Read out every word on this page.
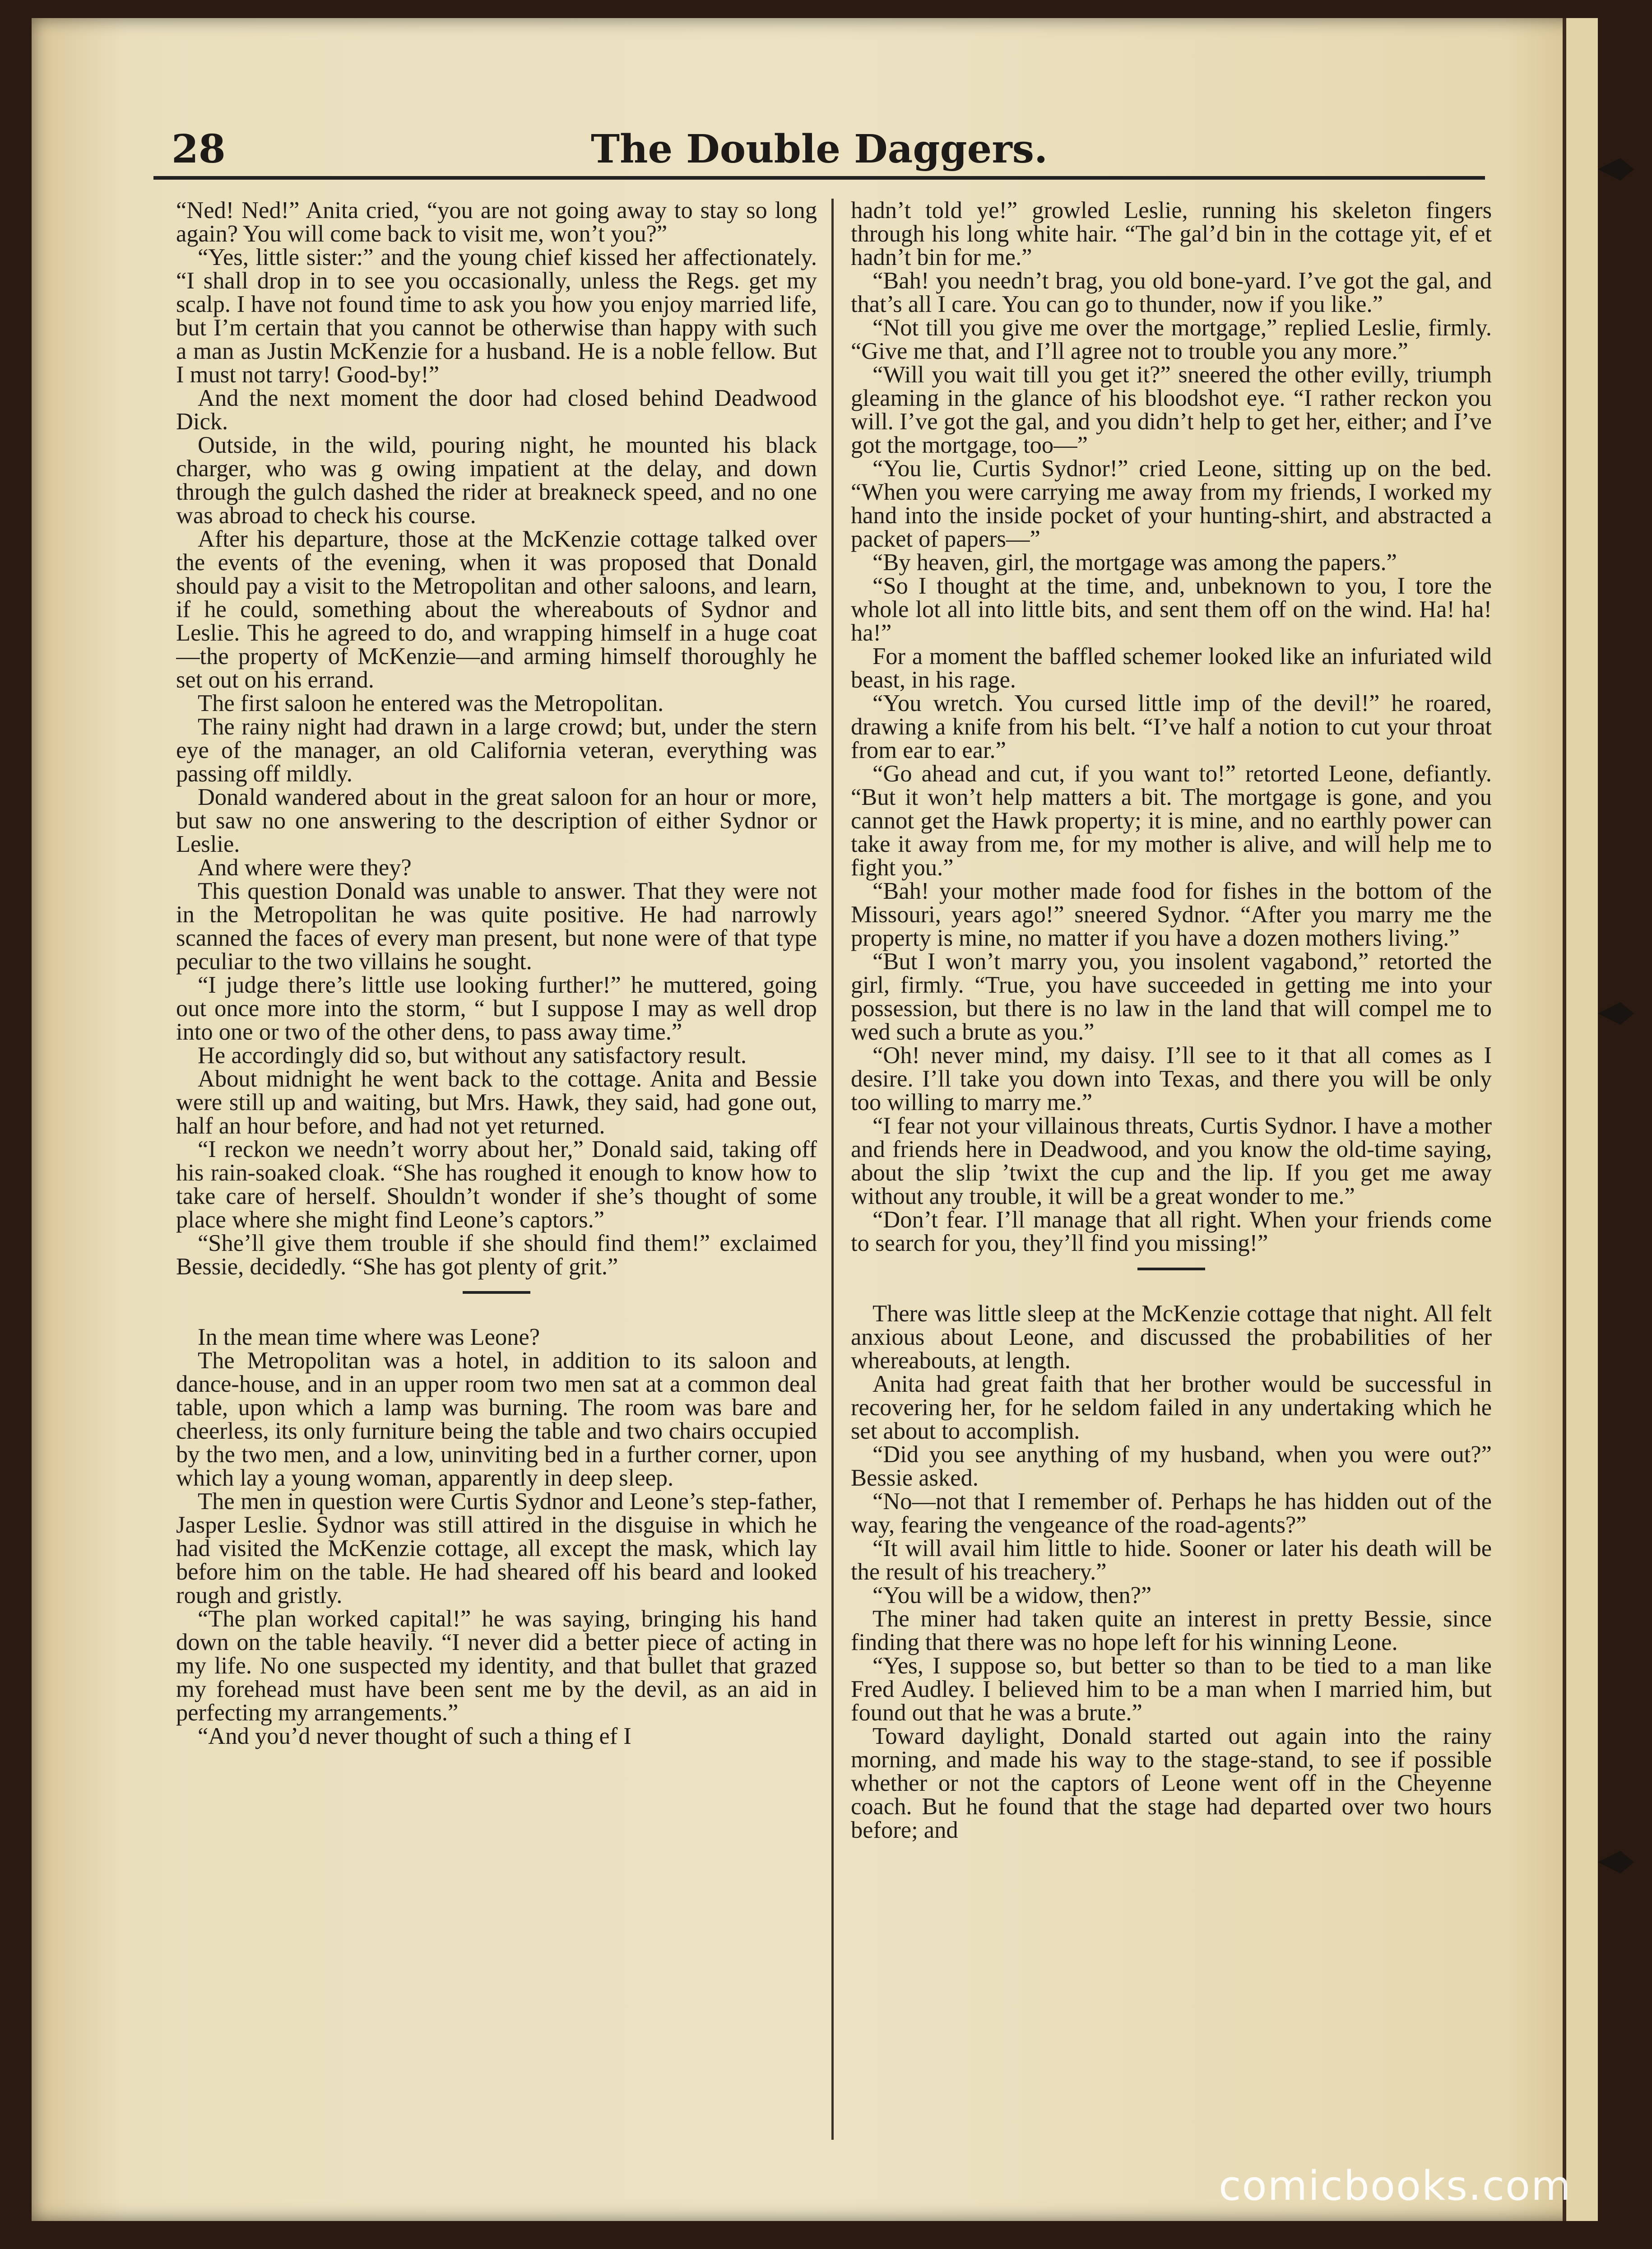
28	The Double Daggers.

“Ned! Ned!” Anita cried, “you are not going away to stay so long again? You will come back to visit me, won’t you?”

“Yes, little sister:” and the young chief kissed her affectionately. “I shall drop in to see you occasionally, unless the Regs. get my scalp. I have not found time to ask you how you enjoy married life, but I’m certain that you cannot be otherwise than happy with such a man as Justin McKenzie for a husband. He is a noble fellow. But I must not tarry! Good-by!”

And the next moment the door had closed behind Deadwood Dick.

Outside, in the wild, pouring night, he mounted his black charger, who was g owing impatient at the delay, and down through the gulch dashed the rider at breakneck speed, and no one was abroad to check his course.

After his departure, those at the McKenzie cottage talked over the events of the evening, when it was proposed that Donald should pay a visit to the Metropolitan and other saloons, and learn, if he could, something about the whereabouts of Sydnor and Leslie. This he agreed to do, and wrapping himself in a huge coat—the property of McKenzie—and arming himself thoroughly he set out on his errand.

The first saloon he entered was the Metropolitan.

The rainy night had drawn in a large crowd; but, under the stern eye of the manager, an old California veteran, everything was passing off mildly.

Donald wandered about in the great saloon for an hour or more, but saw no one answering to the description of either Sydnor or Leslie.

And where were they?

This question Donald was unable to answer. That they were not in the Metropolitan he was quite positive. He had narrowly scanned the faces of every man present, but none were of that type peculiar to the two villains he sought.

“I judge there’s little use looking further!” he muttered, going out once more into the storm, “ but I suppose I may as well drop into one or two of the other dens, to pass away time.”

He accordingly did so, but without any satisfactory result.

About midnight he went back to the cottage. Anita and Bessie were still up and waiting, but Mrs. Hawk, they said, had gone out, half an hour before, and had not yet returned.

“I reckon we needn’t worry about her,” Donald said, taking off his rain-soaked cloak. “She has roughed it enough to know how to take care of herself. Shouldn’t wonder if she’s thought of some place where she might find Leone’s captors.”

“She’ll give them trouble if she should find them!” exclaimed Bessie, decidedly. “She has got plenty of grit.”

In the mean time where was Leone?

The Metropolitan was a hotel, in addition to its saloon and dance-house, and in an upper room two men sat at a common deal table, upon which a lamp was burning. The room was bare and cheerless, its only furniture being the table and two chairs occupied by the two men, and a low, uninviting bed in a further corner, upon which lay a young woman, apparently in deep sleep.

The men in question were Curtis Sydnor and Leone’s step-father, Jasper Leslie. Sydnor was still attired in the disguise in which he had visited the McKenzie cottage, all except the mask, which lay before him on the table. He had sheared off his beard and looked rough and gristly.

“The plan worked capital!” he was saying, bringing his hand down on the table heavily. “I never did a better piece of acting in my life. No one suspected my identity, and that bullet that grazed my forehead must have been sent me by the devil, as an aid in perfecting my arrangements.”

“And you’d never thought of such a thing ef I

hadn’t told ye!” growled Leslie, running his skeleton fingers through his long white hair. “The gal’d bin in the cottage yit, ef et hadn’t bin for me.”

“Bah! you needn’t brag, you old bone-yard. I’ve got the gal, and that’s all I care. You can go to thunder, now if you like.”

“Not till you give me over the mortgage,” replied Leslie, firmly. “Give me that, and I’ll agree not to trouble you any more.”

“Will you wait till you get it?” sneered the other evilly, triumph gleaming in the glance of his bloodshot eye. “I rather reckon you will. I’ve got the gal, and you didn’t help to get her, either; and I’ve got the mortgage, too—”

“You lie, Curtis Sydnor!” cried Leone, sitting up on the bed. “When you were carrying me away from my friends, I worked my hand into the inside pocket of your hunting-shirt, and abstracted a packet of papers—”

“By heaven, girl, the mortgage was among the papers.”

“So I thought at the time, and, unbeknown to you, I tore the whole lot all into little bits, and sent them off on the wind. Ha! ha! ha!”

For a moment the baffled schemer looked like an infuriated wild beast, in his rage.

“You wretch. You cursed little imp of the devil!” he roared, drawing a knife from his belt. “I’ve half a notion to cut your throat from ear to ear.”

“Go ahead and cut, if you want to!” retorted Leone, defiantly. “But it won’t help matters a bit. The mortgage is gone, and you cannot get the Hawk property; it is mine, and no earthly power can take it away from me, for my mother is alive, and will help me to fight you.”

“Bah! your mother made food for fishes in the bottom of the Missouri, years ago!” sneered Sydnor. “After you marry me the property is mine, no matter if you have a dozen mothers living.”

“But I won’t marry you, you insolent vagabond,” retorted the girl, firmly. “True, you have succeeded in getting me into your possession, but there is no law in the land that will compel me to wed such a brute as you.”

“Oh! never mind, my daisy. I’ll see to it that all comes as I desire. I’ll take you down into Texas, and there you will be only too willing to marry me.”

“I fear not your villainous threats, Curtis Sydnor. I have a mother and friends here in Deadwood, and you know the old-time saying, about the slip ’twixt the cup and the lip. If you get me away without any trouble, it will be a great wonder to me.”

“Don’t fear. I’ll manage that all right. When your friends come to search for you, they’ll find you missing!”

There was little sleep at the McKenzie cottage that night. All felt anxious about Leone, and discussed the probabilities of her whereabouts, at length.

Anita had great faith that her brother would be successful in recovering her, for he seldom failed in any undertaking which he set about to accomplish.

“Did you see anything of my husband, when you were out?” Bessie asked.

“No—not that I remember of. Perhaps he has hidden out of the way, fearing the vengeance of the road-agents?”

“It will avail him little to hide. Sooner or later his death will be the result of his treachery.”

“You will be a widow, then?”

The miner had taken quite an interest in pretty Bessie, since finding that there was no hope left for his winning Leone.

“Yes, I suppose so, but better so than to be tied to a man like Fred Audley. I believed him to be a man when I married him, but found out that he was a brute.”

Toward daylight, Donald started out again into the rainy morning, and made his way to the stage-stand, to see if possible whether or not the captors of Leone went off in the Cheyenne coach. But he found that the stage had departed over two hours before; and

comicbooks.com
